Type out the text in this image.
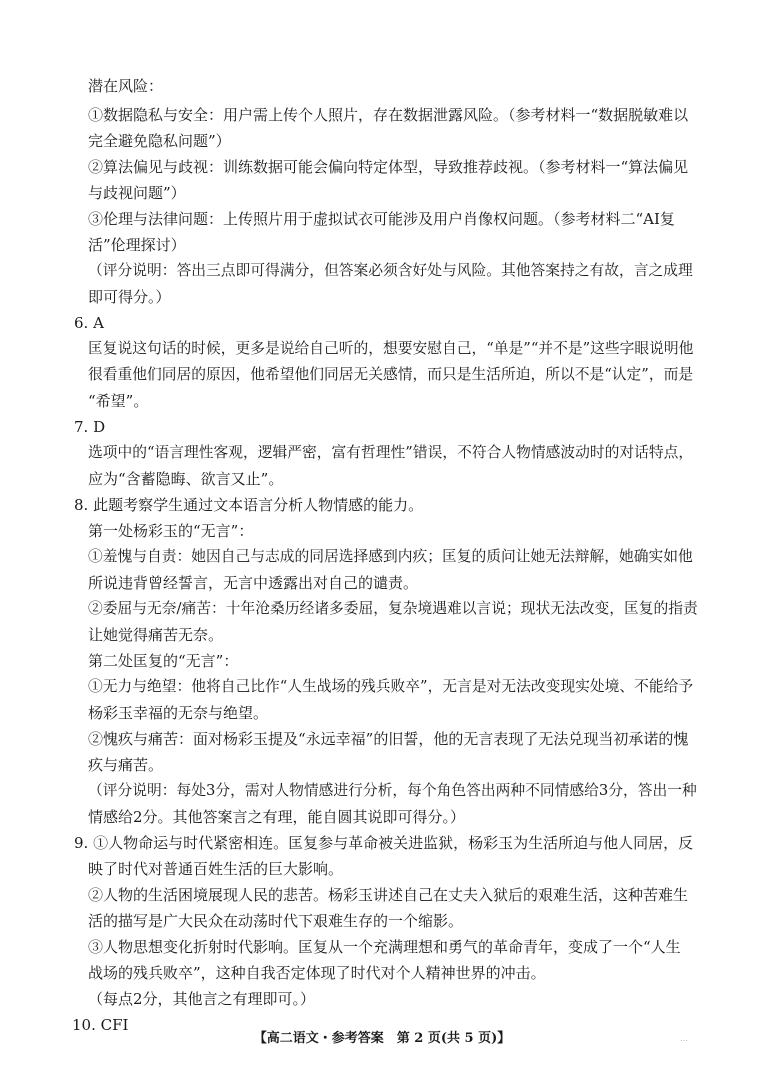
潜在风险：
①数据隐私与安全：用户需上传个人照片，存在数据泄露风险。（参考材料一“数据脱敏难以
完全避免隐私问题”）
②算法偏见与歧视：训练数据可能会偏向特定体型，导致推荐歧视。（参考材料一“算法偏见
与歧视问题”）
③伦理与法律问题：上传照片用于虚拟试衣可能涉及用户肖像权问题。（参考材料二“AI复
活”伦理探讨）
（评分说明：答出三点即可得满分，但答案必须含好处与风险。其他答案持之有故，言之成理
即可得分。）
6. A
匡复说这句话的时候，更多是说给自己听的，想要安慰自己，“单是”“并不是”这些字眼说明他
很看重他们同居的原因，他希望他们同居无关感情，而只是生活所迫，所以不是“认定”，而是
“希望”。
7. D
选项中的“语言理性客观，逻辑严密，富有哲理性”错误，不符合人物情感波动时的对话特点，
应为“含蓄隐晦、欲言又止”。
8. 此题考察学生通过文本语言分析人物情感的能力。
第一处杨彩玉的“无言”：
①羞愧与自责：她因自己与志成的同居选择感到内疚；匡复的质问让她无法辩解，她确实如他
所说违背曾经誓言，无言中透露出对自己的谴责。
②委屈与无奈/痛苦：十年沧桑历经诸多委屈，复杂境遇难以言说；现状无法改变，匡复的指责
让她觉得痛苦无奈。
第二处匡复的“无言”：
①无力与绝望：他将自己比作“人生战场的残兵败卒”，无言是对无法改变现实处境、不能给予
杨彩玉幸福的无奈与绝望。
②愧疚与痛苦：面对杨彩玉提及“永远幸福”的旧誓，他的无言表现了无法兑现当初承诺的愧
疚与痛苦。
（评分说明：每处3分，需对人物情感进行分析，每个角色答出两种不同情感给3分，答出一种
情感给2分。其他答案言之有理，能自圆其说即可得分。）
9. ①人物命运与时代紧密相连。匡复参与革命被关进监狱，杨彩玉为生活所迫与他人同居，反
映了时代对普通百姓生活的巨大影响。
②人物的生活困境展现人民的悲苦。杨彩玉讲述自己在丈夫入狱后的艰难生活，这种苦难生
活的描写是广大民众在动荡时代下艰难生存的一个缩影。
③人物思想变化折射时代影响。匡复从一个充满理想和勇气的革命青年，变成了一个“人生
战场的残兵败卒”，这种自我否定体现了时代对个人精神世界的冲击。
（每点2分，其他言之有理即可。）
10. CFI
【高二语文・参考答案　第 2 页(共 5 页)】	...
